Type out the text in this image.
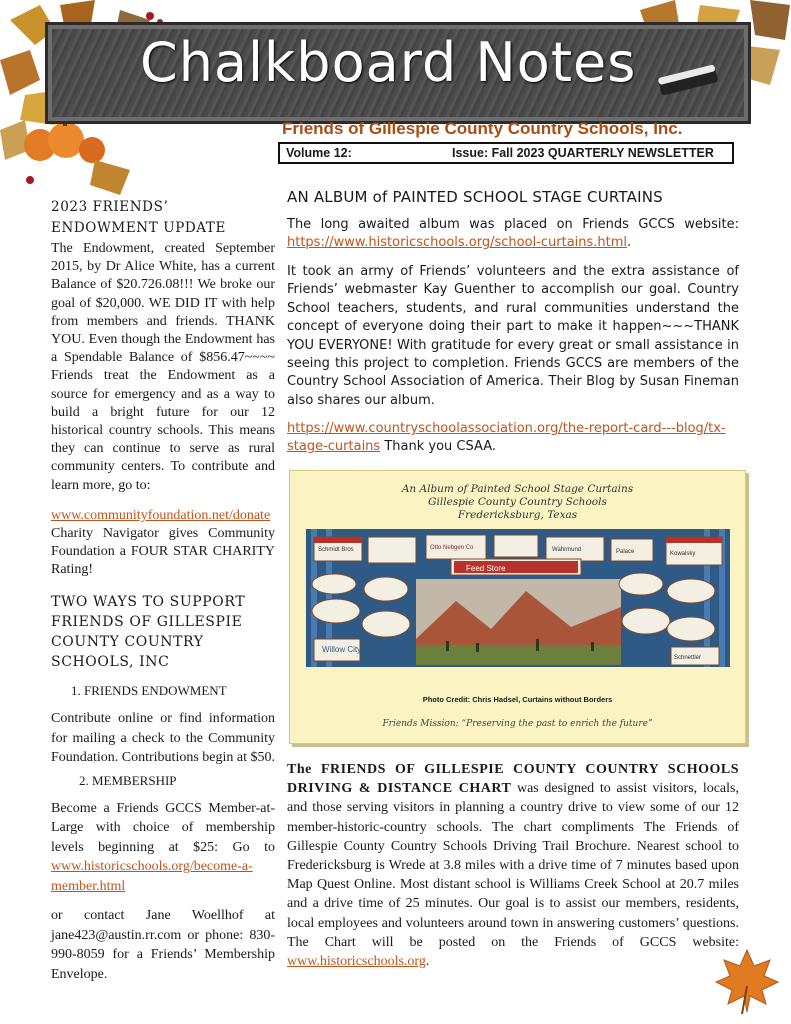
Chalkboard Notes
Friends of Gillespie County Country Schools, Inc.
Volume 12:	Issue: Fall 2023 QUARTERLY NEWSLETTER
2023 FRIENDS’
ENDOWMENT UPDATE
The Endowment, created September 2015, by Dr Alice White, has a current Balance of $20.726.08!!! We broke our goal of $20,000. WE DID IT with help from members and friends. THANK YOU. Even though the Endowment has a Spendable Balance of $856.47~~~~ Friends treat the Endowment as a source for emergency and as a way to build a bright future for our 12 historical country schools. This means they can continue to serve as rural community centers. To contribute and learn more, go to:
www.communityfoundation.net/donate Charity Navigator gives Community Foundation a FOUR STAR CHARITY Rating!
TWO WAYS TO SUPPORT
FRIENDS OF GILLESPIE
COUNTY COUNTRY
SCHOOLS, INC
1. FRIENDS ENDOWMENT
Contribute online or find information for mailing a check to the Community Foundation. Contributions begin at $50.
2. MEMBERSHIP
Become a Friends GCCS Member-at-Large with choice of membership levels beginning at $25: Go to www.historicschools.org/become-a-member.html
or contact Jane Woellhof at jane423@austin.rr.com or phone: 830-990-8059 for a Friends’ Membership Envelope.
AN ALBUM of PAINTED SCHOOL STAGE CURTAINS
The long awaited album was placed on Friends GCCS website: https://www.historicschools.org/school-curtains.html.
It took an army of Friends’ volunteers and the extra assistance of Friends’ webmaster Kay Guenther to accomplish our goal. Country School teachers, students, and rural communities understand the concept of everyone doing their part to make it happen~~~THANK YOU EVERYONE! With gratitude for every great or small assistance in seeing this project to completion. Friends GCCS are members of the Country School Association of America. Their Blog by Susan Fineman also shares our album.
https://www.countryschoolassociation.org/the-report-card---blog/tx-stage-curtains Thank you CSAA.
An Album of Painted School Stage Curtains
Gillespie County Country Schools
Fredericksburg, Texas
Willow City
Feed Store
Schmidt Bros	Otto Nebgen Co	Wahrmund
Kowalsky
Palace
Schnettler
Photo Credit: Chris Hadsel, Curtains without Borders
Friends Mission: “Preserving the past to enrich the future”
The FRIENDS OF GILLESPIE COUNTY COUNTRY SCHOOLS DRIVING & DISTANCE CHART was designed to assist visitors, locals, and those serving visitors in planning a country drive to view some of our 12 member-historic-country schools. The chart compliments The Friends of Gillespie County Country Schools Driving Trail Brochure. Nearest school to Fredericksburg is Wrede at 3.8 miles with a drive time of 7 minutes based upon Map Quest Online. Most distant school is Williams Creek School at 20.7 miles and a drive time of 25 minutes. Our goal is to assist our members, residents, local employees and volunteers around town in answering customers’ questions. The Chart will be posted on the Friends of GCCS website: www.historicschools.org.
